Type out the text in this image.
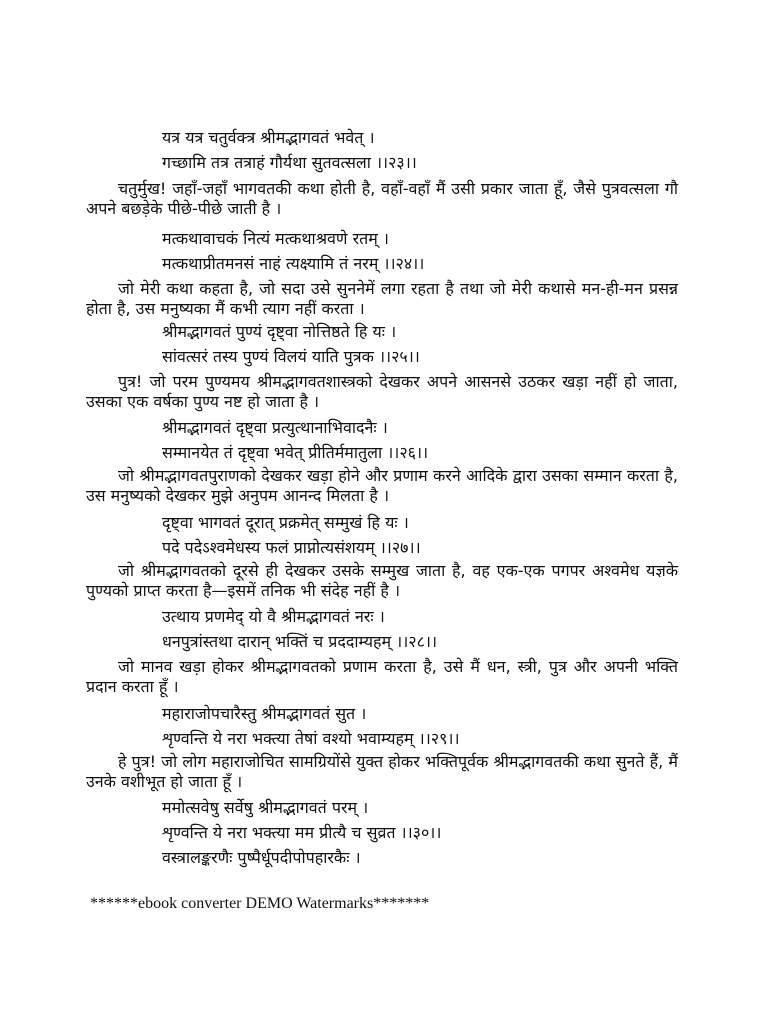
यत्र यत्र चतुर्वक्त्र श्रीमद्भागवतं भवेत् ।
गच्छामि तत्र तत्राहं गौर्यथा सुतवत्सला ।।२३।।
चतुर्मुख! जहाँ-जहाँ भागवतकी कथा होती है, वहाँ-वहाँ मैं उसी प्रकार जाता हूँ, जैसे पुत्रवत्सला गौ अपने बछड़ेके पीछे-पीछे जाती है ।
मत्कथावाचकं नित्यं मत्कथाश्रवणे रतम् ।
मत्कथाप्रीतमनसं नाहं त्यक्ष्यामि तं नरम् ।।२४।।
जो मेरी कथा कहता है, जो सदा उसे सुननेमें लगा रहता है तथा जो मेरी कथासे मन-ही-मन प्रसन्न होता है, उस मनुष्यका मैं कभी त्याग नहीं करता ।
श्रीमद्भागवतं पुण्यं दृष्ट्वा नोत्तिष्ठते हि यः ।
सांवत्सरं तस्य पुण्यं विलयं याति पुत्रक ।।२५।।
पुत्र! जो परम पुण्यमय श्रीमद्भागवतशास्त्रको देखकर अपने आसनसे उठकर खड़ा नहीं हो जाता, उसका एक वर्षका पुण्य नष्ट हो जाता है ।
श्रीमद्भागवतं दृष्ट्वा प्रत्युत्थानाभिवादनैः ।
सम्मानयेत तं दृष्ट्वा भवेत् प्रीतिर्ममातुला ।।२६।।
जो श्रीमद्भागवतपुराणको देखकर खड़ा होने और प्रणाम करने आदिके द्वारा उसका सम्मान करता है, उस मनुष्यको देखकर मुझे अनुपम आनन्द मिलता है ।
दृष्ट्वा भागवतं दूरात् प्रक्रमेत् सम्मुखं हि यः ।
पदे पदेऽश्वमेधस्य फलं प्राप्नोत्यसंशयम् ।।२७।।
जो श्रीमद्भागवतको दूरसे ही देखकर उसके सम्मुख जाता है, वह एक-एक पगपर अश्वमेध यज्ञके पुण्यको प्राप्त करता है—इसमें तनिक भी संदेह नहीं है ।
उत्थाय प्रणमेद् यो वै श्रीमद्भागवतं नरः ।
धनपुत्रांस्तथा दारान् भक्तिं च प्रददाम्यहम् ।।२८।।
जो मानव खड़ा होकर श्रीमद्भागवतको प्रणाम करता है, उसे मैं धन, स्त्री, पुत्र और अपनी भक्ति प्रदान करता हूँ ।
महाराजोपचारैस्तु श्रीमद्भागवतं सुत ।
शृण्वन्ति ये नरा भक्त्या तेषां वश्यो भवाम्यहम् ।।२९।।
हे पुत्र! जो लोग महाराजोचित सामग्रियोंसे युक्त होकर भक्तिपूर्वक श्रीमद्भागवतकी कथा सुनते हैं, मैं उनके वशीभूत हो जाता हूँ ।
ममोत्सवेषु सर्वेषु श्रीमद्भागवतं परम् ।
शृण्वन्ति ये नरा भक्त्या मम प्रीत्यै च सुव्रत ।।३०।।
वस्त्रालङ्करणैः पुष्पैर्धूपदीपोपहारकैः ।
******ebook converter DEMO Watermarks*******
